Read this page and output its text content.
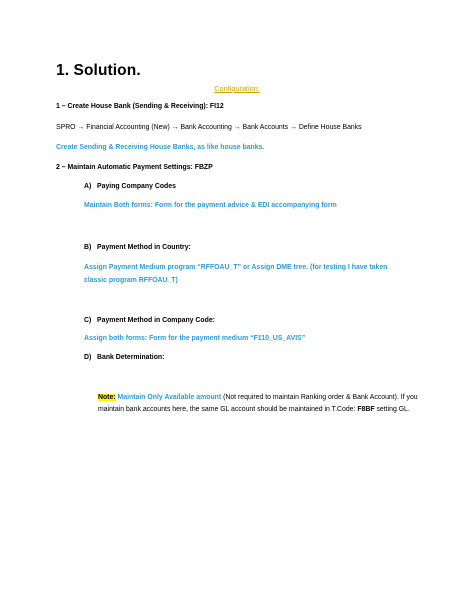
1. Solution.
Configuration:
1 – Create House Bank (Sending & Receiving): FI12
SPRO → Financial Accounting (New) → Bank Accounting → Bank Accounts → Define House Banks
Create Sending & Receiving House Banks, as like house banks.
2 – Maintain Automatic Payment Settings: FBZP
A) Paying Company Codes
Maintain Both forms: Form for the payment advice & EDI accompanying form
B) Payment Method in Country:
Assign Payment Medium program “RFFOAU_T” or Assign DME tree. (for testing I have taken
classic program RFFOAU_T)
C) Payment Method in Company Code:
Assign both forms: Form for the payment medium “F110_US_AVIS”
D) Bank Determination:
Note: Maintain Only Available amount (Not required to maintain Ranking order & Bank Account). If you maintain bank accounts here, the same GL account should be maintained in T.Code: F8BF setting GL.
